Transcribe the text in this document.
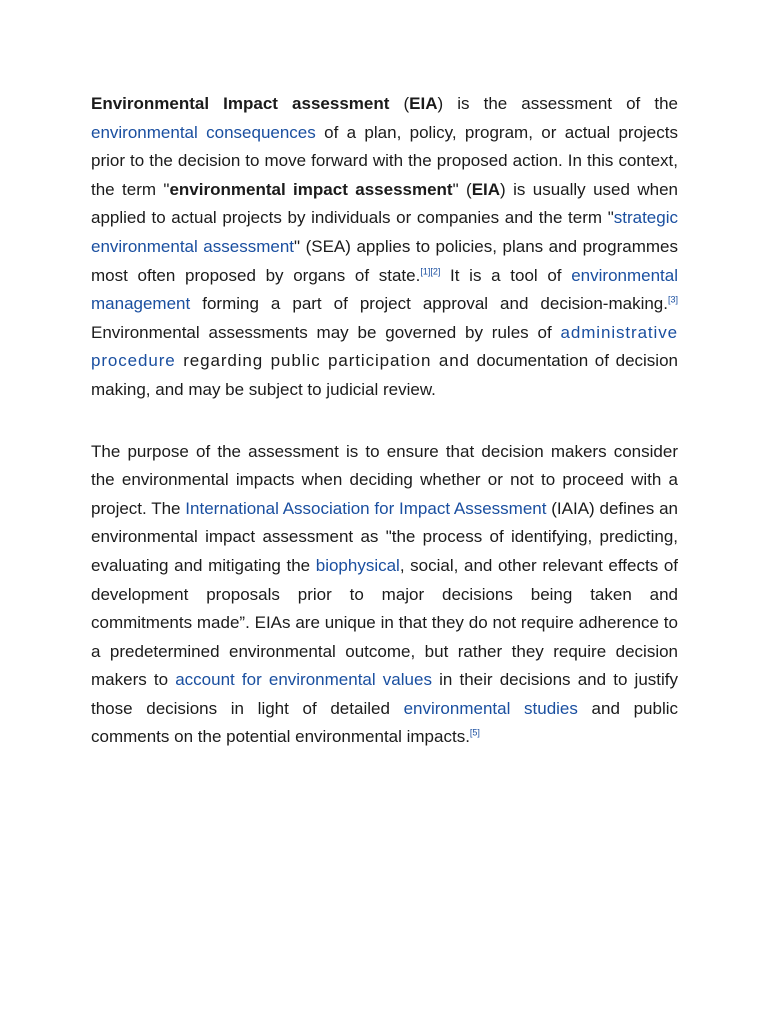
Environmental Impact assessment (EIA) is the assessment of the environmental consequences of a plan, policy, program, or actual projects prior to the decision to move forward with the proposed action. In this context, the term "environmental impact assessment" (EIA) is usually used when applied to actual projects by individuals or companies and the term "strategic environmental assessment" (SEA) applies to policies, plans and programmes most often proposed by organs of state.[1][2] It is a tool of environmental management forming a part of project approval and decision-making.[3] Environmental assessments may be governed by rules of administrative procedure regarding public participation and documentation of decision making, and may be subject to judicial review.

The purpose of the assessment is to ensure that decision makers consider the environmental impacts when deciding whether or not to proceed with a project. The International Association for Impact Assessment (IAIA) defines an environmental impact assessment as "the process of identifying, predicting, evaluating and mitigating the biophysical, social, and other relevant effects of development proposals prior to major decisions being taken and commitments made”. EIAs are unique in that they do not require adherence to a predetermined environmental outcome, but rather they require decision makers to account for environmental values in their decisions and to justify those decisions in light of detailed environmental studies and public comments on the potential environmental impacts.[5]
